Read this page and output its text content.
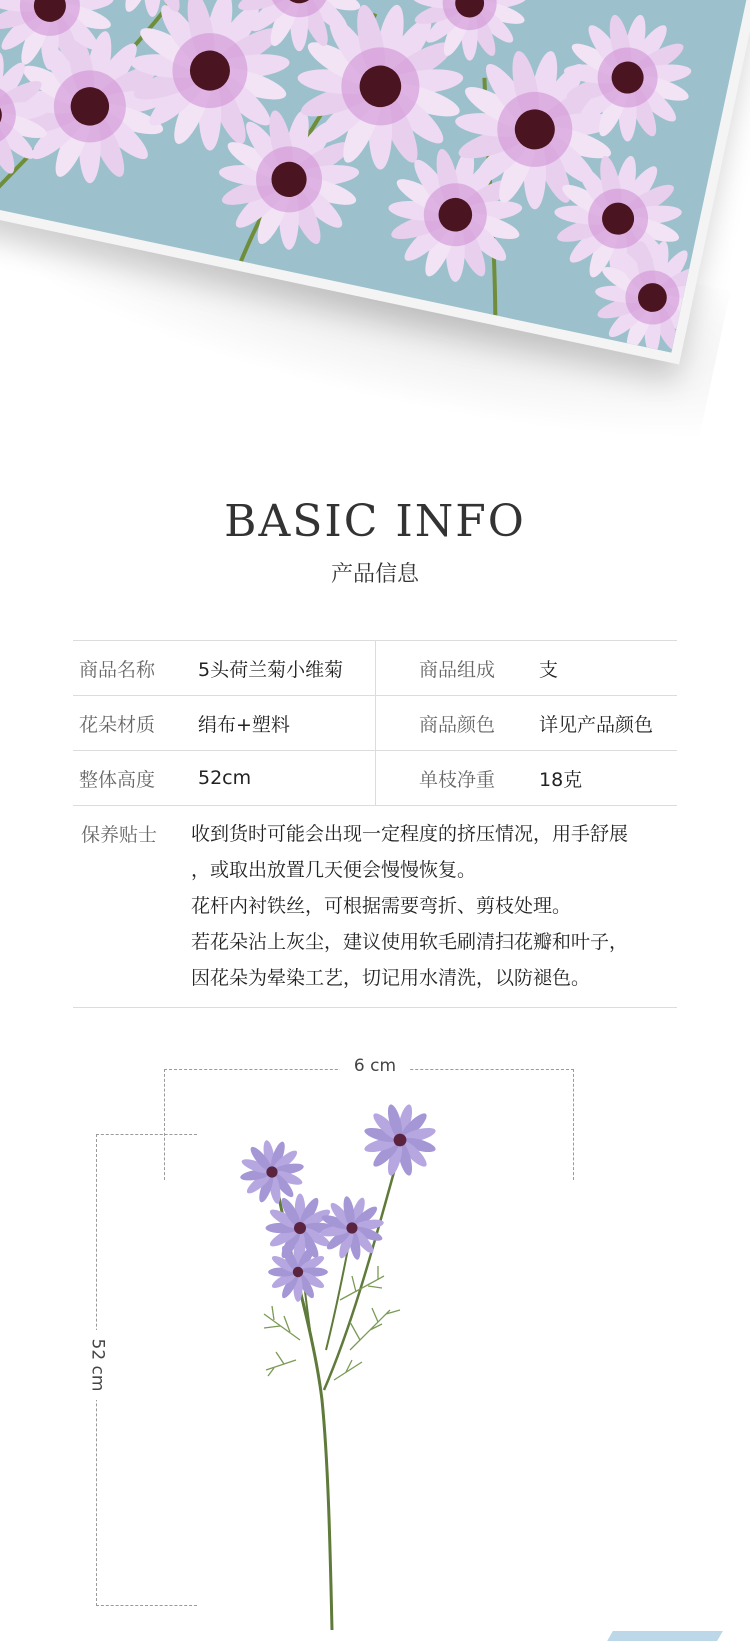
BASIC INFO
产品信息
商品名称 5头荷兰菊小维菊	商品组成 支
花朵材质 绢布+塑料	商品颜色 详见产品颜色
整体高度 52cm	单枝净重 18克
保养贴士 收到货时可能会出现一定程度的挤压情况，用手舒展
，或取出放置几天便会慢慢恢复。
花杆内衬铁丝，可根据需要弯折、剪枝处理。
若花朵沾上灰尘，建议使用软毛刷清扫花瓣和叶子，
因花朵为晕染工艺，切记用水清洗，以防褪色。
6 cm
52 cm
